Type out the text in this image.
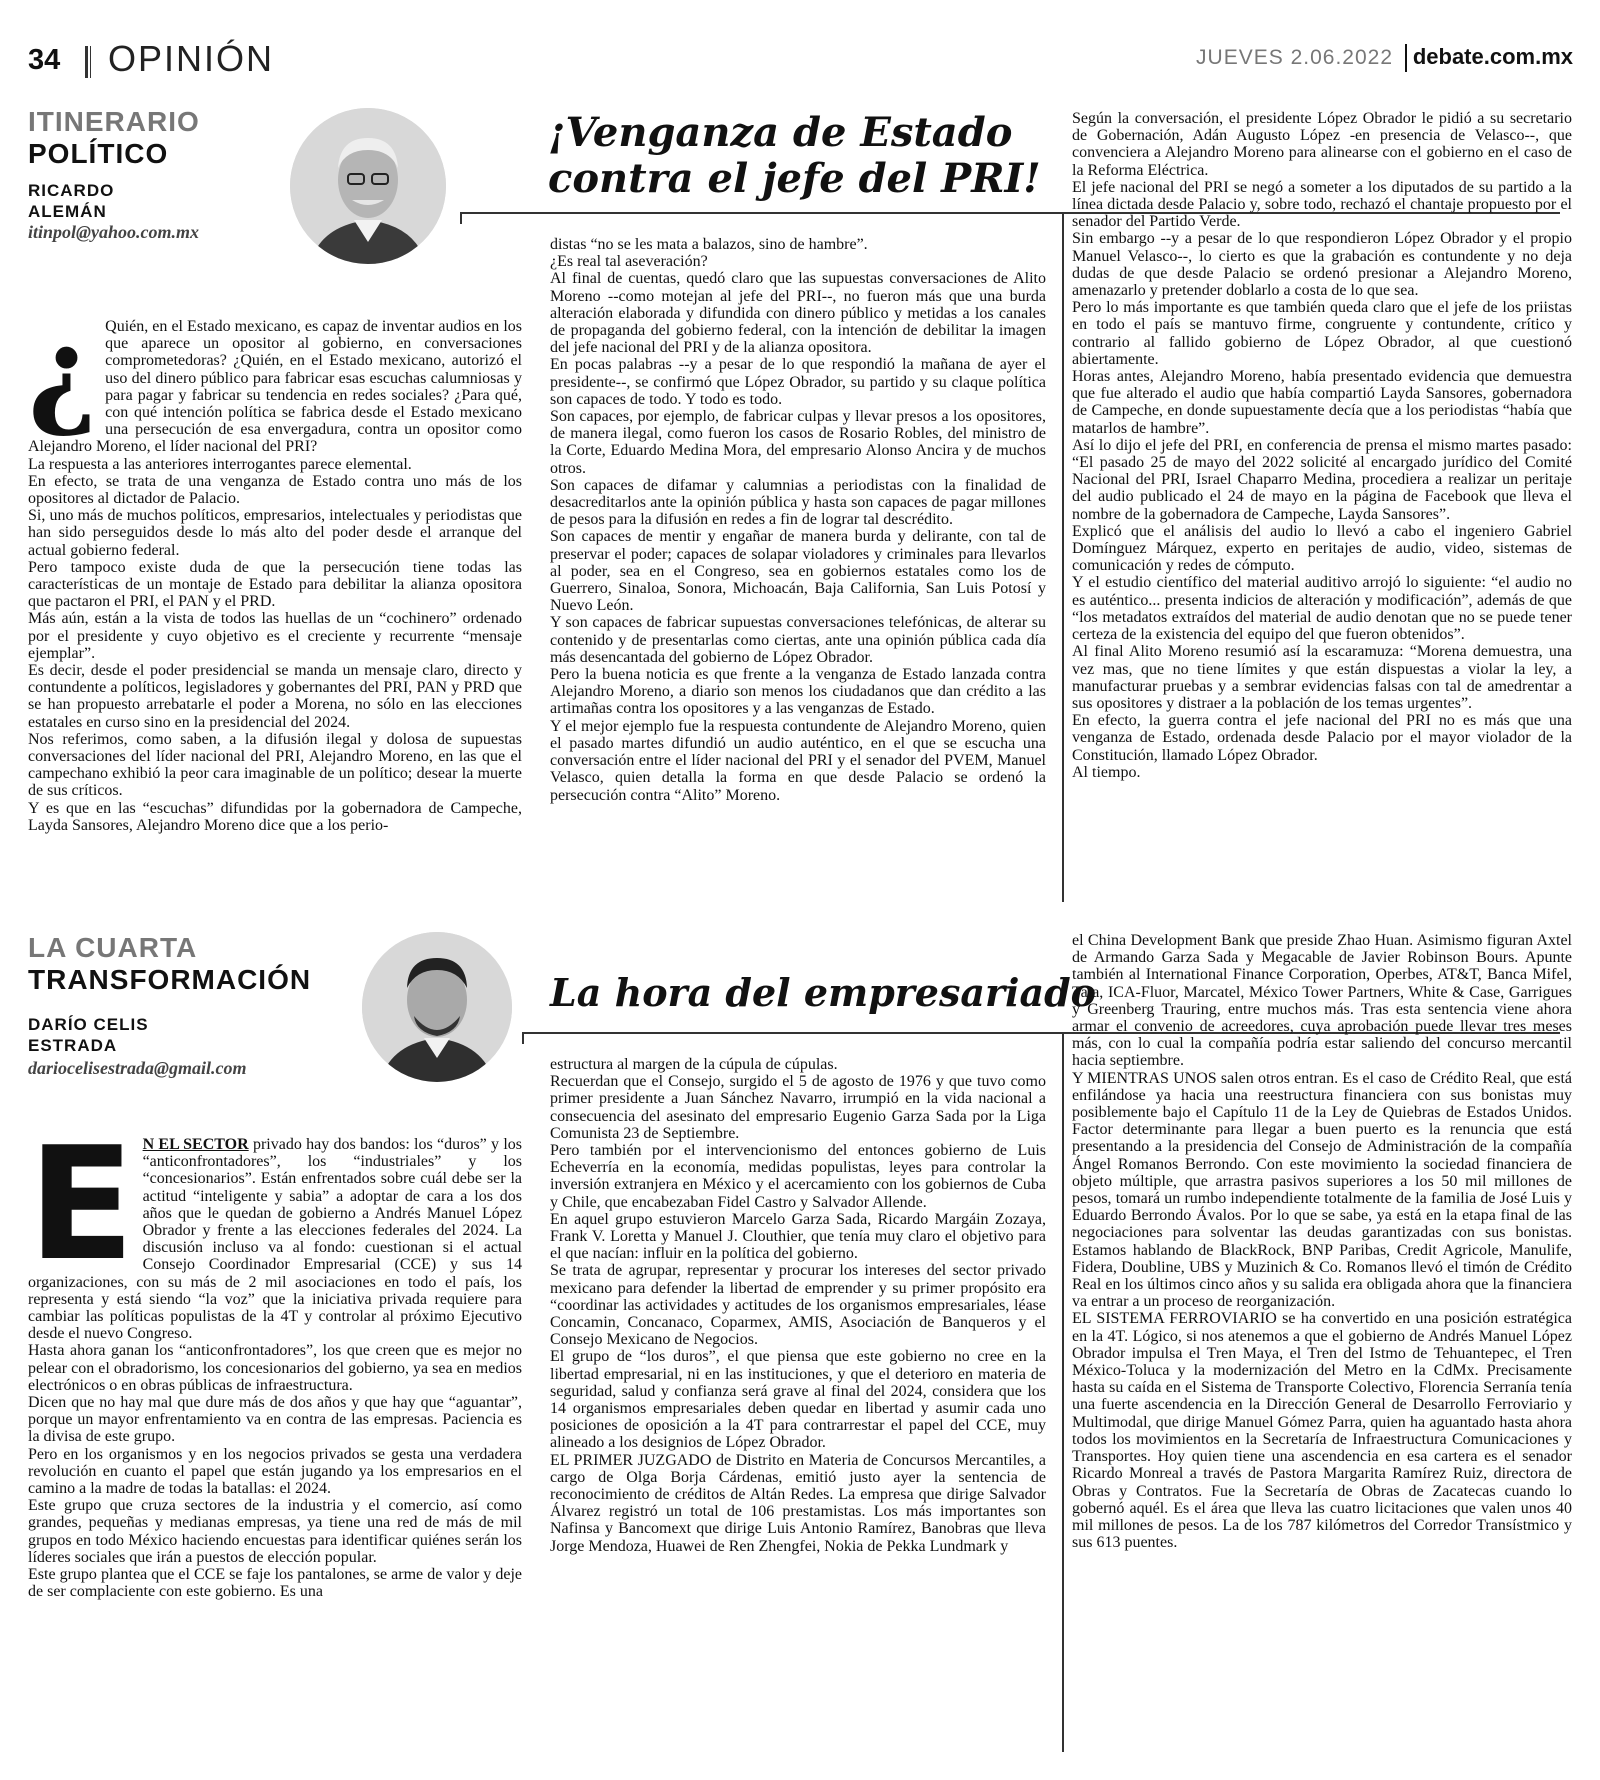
34 OPINIÓN	JUEVES 2.06.2022 debate.com.mx
ITINERARIO
POLÍTICO
RICARDO
ALEMÁN
itinpol@yahoo.com.mx
¡Venganza de Estado
contra el jefe del PRI!
¿ Quién, en el Estado mexicano, es capaz de inventar audios en los que aparece un opositor al gobierno, en conversaciones comprometedoras? ¿Quién, en el Estado mexicano, autorizó el uso del dinero público para fabricar esas escuchas calumniosas y para pagar y fabricar su tendencia en redes sociales? ¿Para qué, con qué intención política se fabrica desde el Estado mexicano una persecución de esa envergadura, contra un opositor como Alejandro Moreno, el líder nacional del PRI?

La respuesta a las anteriores interrogantes parece elemental.

En efecto, se trata de una venganza de Estado contra uno más de los opositores al dictador de Palacio.

Si, uno más de muchos políticos, empresarios, intelectuales y periodistas que han sido perseguidos desde lo más alto del poder desde el arranque del actual gobierno federal.

Pero tampoco existe duda de que la persecución tiene todas las características de un montaje de Estado para debilitar la alianza opositora que pactaron el PRI, el PAN y el PRD.

Más aún, están a la vista de todos las huellas de un “cochinero” ordenado por el presidente y cuyo objetivo es el creciente y recurrente “mensaje ejemplar”.

Es decir, desde el poder presidencial se manda un mensaje claro, directo y contundente a políticos, legisladores y gobernantes del PRI, PAN y PRD que se han propuesto arrebatarle el poder a Morena, no sólo en las elecciones estatales en curso sino en la presidencial del 2024.

Nos referimos, como saben, a la difusión ilegal y dolosa de supuestas conversaciones del líder nacional del PRI, Alejandro Moreno, en las que el campechano exhibió la peor cara imaginable de un político; desear la muerte de sus críticos.

Y es que en las “escuchas” difundidas por la gobernadora de Campeche, Layda Sansores, Alejandro Moreno dice que a los perio-

distas “no se les mata a balazos, sino de hambre”.

¿Es real tal aseveración?

Al final de cuentas, quedó claro que las supuestas conversaciones de Alito Moreno --como motejan al jefe del PRI--, no fueron más que una burda alteración elaborada y difundida con dinero público y metidas a los canales de propaganda del gobierno federal, con la intención de debilitar la imagen del jefe nacional del PRI y de la alianza opositora.

En pocas palabras --y a pesar de lo que respondió la mañana de ayer el presidente--, se confirmó que López Obrador, su partido y su claque política son capaces de todo. Y todo es todo.

Son capaces, por ejemplo, de fabricar culpas y llevar presos a los opositores, de manera ilegal, como fueron los casos de Rosario Robles, del ministro de la Corte, Eduardo Medina Mora, del empresario Alonso Ancira y de muchos otros.

Son capaces de difamar y calumnias a periodistas con la finalidad de desacreditarlos ante la opinión pública y hasta son capaces de pagar millones de pesos para la difusión en redes a fin de lograr tal descrédito.

Son capaces de mentir y engañar de manera burda y delirante, con tal de preservar el poder; capaces de solapar violadores y criminales para llevarlos al poder, sea en el Congreso, sea en gobiernos estatales como los de Guerrero, Sinaloa, Sonora, Michoacán, Baja California, San Luis Potosí y Nuevo León.

Y son capaces de fabricar supuestas conversaciones telefónicas, de alterar su contenido y de presentarlas como ciertas, ante una opinión pública cada día más desencantada del gobierno de López Obrador.

Pero la buena noticia es que frente a la venganza de Estado lanzada contra Alejandro Moreno, a diario son menos los ciudadanos que dan crédito a las artimañas contra los opositores y a las venganzas de Estado.

Y el mejor ejemplo fue la respuesta contundente de Alejandro Moreno, quien el pasado martes difundió un audio auténtico, en el que se escucha una conversación entre el líder nacional del PRI y el senador del PVEM, Manuel Velasco, quien detalla la forma en que desde Palacio se ordenó la persecución contra “Alito” Moreno.

Según la conversación, el presidente López Obrador le pidió a su secretario de Gobernación, Adán Augusto López -en presencia de Velasco--, que convenciera a Alejandro Moreno para alinearse con el gobierno en el caso de la Reforma Eléctrica.

El jefe nacional del PRI se negó a someter a los diputados de su partido a la línea dictada desde Palacio y, sobre todo, rechazó el chantaje propuesto por el senador del Partido Verde.

Sin embargo --y a pesar de lo que respondieron López Obrador y el propio Manuel Velasco--, lo cierto es que la grabación es contundente y no deja dudas de que desde Palacio se ordenó presionar a Alejandro Moreno, amenazarlo y pretender doblarlo a costa de lo que sea.

Pero lo más importante es que también queda claro que el jefe de los priistas en todo el país se mantuvo firme, congruente y contundente, crítico y contrario al fallido gobierno de López Obrador, al que cuestionó abiertamente.

Horas antes, Alejandro Moreno, había presentado evidencia que demuestra que fue alterado el audio que había compartió Layda Sansores, gobernadora de Campeche, en donde supuestamente decía que a los periodistas “había que matarlos de hambre”.

Así lo dijo el jefe del PRI, en conferencia de prensa el mismo martes pasado: “El pasado 25 de mayo del 2022 solicité al encargado jurídico del Comité Nacional del PRI, Israel Chaparro Medina, procediera a realizar un peritaje del audio publicado el 24 de mayo en la página de Facebook que lleva el nombre de la gobernadora de Campeche, Layda Sansores”.

Explicó que el análisis del audio lo llevó a cabo el ingeniero Gabriel Domínguez Márquez, experto en peritajes de audio, video, sistemas de comunicación y redes de cómputo.

Y el estudio científico del material auditivo arrojó lo siguiente: “el audio no es auténtico... presenta indicios de alteración y modificación”, además de que “los metadatos extraídos del material de audio denotan que no se puede tener certeza de la existencia del equipo del que fueron obtenidos”.

Al final Alito Moreno resumió así la escaramuza: “Morena demuestra, una vez mas, que no tiene límites y que están dispuestas a violar la ley, a manufacturar pruebas y a sembrar evidencias falsas con tal de amedrentar a sus opositores y distraer a la población de los temas urgentes”.

En efecto, la guerra contra el jefe nacional del PRI no es más que una venganza de Estado, ordenada desde Palacio por el mayor violador de la Constitución, llamado López Obrador.

Al tiempo.

LA CUARTA
TRANSFORMACIÓN
DARÍO CELIS
ESTRADA
dariocelisestrada@gmail.com
La hora del empresariado
E N EL SECTOR privado hay dos bandos: los “duros” y los “anticonfrontadores”, los “industriales” y los “concesionarios”. Están enfrentados sobre cuál debe ser la actitud “inteligente y sabia” a adoptar de cara a los dos años que le quedan de gobierno a Andrés Manuel López Obrador y frente a las elecciones federales del 2024. La discusión incluso va al fondo: cuestionan si el actual Consejo Coordinador Empresarial (CCE) y sus 14 organizaciones, con su más de 2 mil asociaciones en todo el país, los representa y está siendo “la voz” que la iniciativa privada requiere para cambiar las políticas populistas de la 4T y controlar al próximo Ejecutivo desde el nuevo Congreso.

Hasta ahora ganan los “anticonfrontadores”, los que creen que es mejor no pelear con el obradorismo, los concesionarios del gobierno, ya sea en medios electrónicos o en obras públicas de infraestructura.

Dicen que no hay mal que dure más de dos años y que hay que “aguantar”, porque un mayor enfrentamiento va en contra de las empresas. Paciencia es la divisa de este grupo.

Pero en los organismos y en los negocios privados se gesta una verdadera revolución en cuanto el papel que están jugando ya los empresarios en el camino a la madre de todas la batallas: el 2024.

Este grupo que cruza sectores de la industria y el comercio, así como grandes, pequeñas y medianas empresas, ya tiene una red de más de mil grupos en todo México haciendo encuestas para identificar quiénes serán los líderes sociales que irán a puestos de elección popular.

Este grupo plantea que el CCE se faje los pantalones, se arme de valor y deje de ser complaciente con este gobierno. Es una

estructura al margen de la cúpula de cúpulas.

Recuerdan que el Consejo, surgido el 5 de agosto de 1976 y que tuvo como primer presidente a Juan Sánchez Navarro, irrumpió en la vida nacional a consecuencia del asesinato del empresario Eugenio Garza Sada por la Liga Comunista 23 de Septiembre.

Pero también por el intervencionismo del entonces gobierno de Luis Echeverría en la economía, medidas populistas, leyes para controlar la inversión extranjera en México y el acercamiento con los gobiernos de Cuba y Chile, que encabezaban Fidel Castro y Salvador Allende.

En aquel grupo estuvieron Marcelo Garza Sada, Ricardo Margáin Zozaya, Frank V. Loretta y Manuel J. Clouthier, que tenía muy claro el objetivo para el que nacían: influir en la política del gobierno.

Se trata de agrupar, representar y procurar los intereses del sector privado mexicano para defender la libertad de emprender y su primer propósito era “coordinar las actividades y actitudes de los organismos empresariales, léase Concamin, Concanaco, Coparmex, AMIS, Asociación de Banqueros y el Consejo Mexicano de Negocios.

El grupo de “los duros”, el que piensa que este gobierno no cree en la libertad empresarial, ni en las instituciones, y que el deterioro en materia de seguridad, salud y confianza será grave al final del 2024, considera que los 14 organismos empresariales deben quedar en libertad y asumir cada uno posiciones de oposición a la 4T para contrarrestar el papel del CCE, muy alineado a los designios de López Obrador.

EL PRIMER JUZGADO de Distrito en Materia de Concursos Mercantiles, a cargo de Olga Borja Cárdenas, emitió justo ayer la sentencia de reconocimiento de créditos de Altán Redes. La empresa que dirige Salvador Álvarez registró un total de 106 prestamistas. Los más importantes son Nafinsa y Bancomext que dirige Luis Antonio Ramírez, Banobras que lleva Jorge Mendoza, Huawei de Ren Zhengfei, Nokia de Pekka Lundmark y

el China Development Bank que preside Zhao Huan. Asimismo figuran Axtel de Armando Garza Sada y Megacable de Javier Robinson Bours. Apunte también al International Finance Corporation, Operbes, AT&T, Banca Mifel, Tata, ICA-Fluor, Marcatel, México Tower Partners, White & Case, Garrigues y Greenberg Trauring, entre muchos más. Tras esta sentencia viene ahora armar el convenio de acreedores, cuya aprobación puede llevar tres meses más, con lo cual la compañía podría estar saliendo del concurso mercantil hacia septiembre.

Y MIENTRAS UNOS salen otros entran. Es el caso de Crédito Real, que está enfilándose ya hacia una reestructura financiera con sus bonistas muy posiblemente bajo el Capítulo 11 de la Ley de Quiebras de Estados Unidos. Factor determinante para llegar a buen puerto es la renuncia que está presentando a la presidencia del Consejo de Administración de la compañía Ángel Romanos Berrondo. Con este movimiento la sociedad financiera de objeto múltiple, que arrastra pasivos superiores a los 50 mil millones de pesos, tomará un rumbo independiente totalmente de la familia de José Luis y Eduardo Berrondo Ávalos. Por lo que se sabe, ya está en la etapa final de las negociaciones para solventar las deudas garantizadas con sus bonistas. Estamos hablando de BlackRock, BNP Paribas, Credit Agricole, Manulife, Fidera, Doubline, UBS y Muzinich & Co. Romanos llevó el timón de Crédito Real en los últimos cinco años y su salida era obligada ahora que la financiera va entrar a un proceso de reorganización.

EL SISTEMA FERROVIARIO se ha convertido en una posición estratégica en la 4T. Lógico, si nos atenemos a que el gobierno de Andrés Manuel López Obrador impulsa el Tren Maya, el Tren del Istmo de Tehuantepec, el Tren México-Toluca y la modernización del Metro en la CdMx. Precisamente hasta su caída en el Sistema de Transporte Colectivo, Florencia Serranía tenía una fuerte ascendencia en la Dirección General de Desarrollo Ferroviario y Multimodal, que dirige Manuel Gómez Parra, quien ha aguantado hasta ahora todos los movimientos en la Secretaría de Infraestructura Comunicaciones y Transportes. Hoy quien tiene una ascendencia en esa cartera es el senador Ricardo Monreal a través de Pastora Margarita Ramírez Ruiz, directora de Obras y Contratos. Fue la Secretaría de Obras de Zacatecas cuando lo gobernó aquél. Es el área que lleva las cuatro licitaciones que valen unos 40 mil millones de pesos. La de los 787 kilómetros del Corredor Transístmico y sus 613 puentes.
